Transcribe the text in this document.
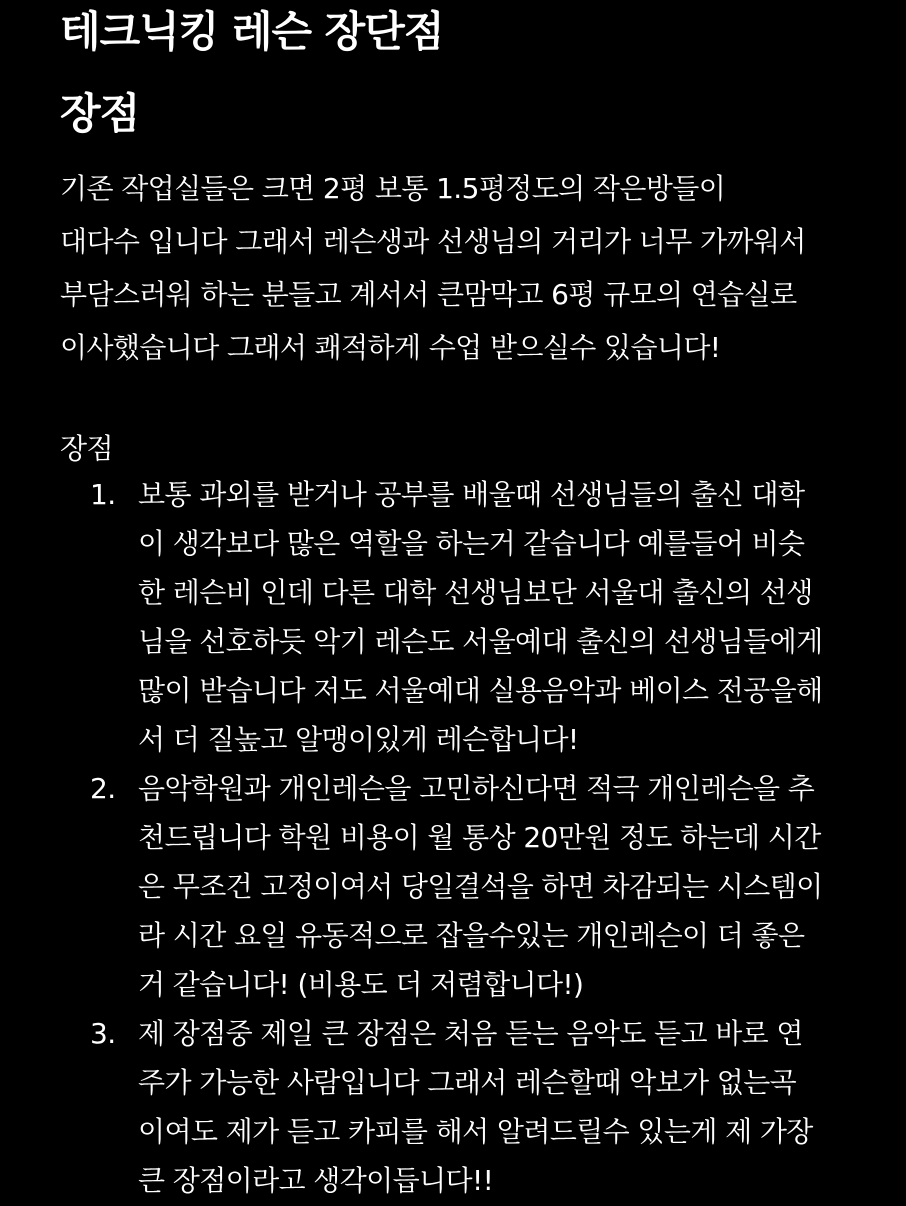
테크닉킹 레슨 장단점
장점

기존 작업실들은 크면 2평 보통 1.5평정도의 작은방들이
대다수 입니다 그래서 레슨생과 선생님의 거리가 너무 가까워서
부담스러워 하는 분들고 계서서 큰맘막고 6평 규모의 연습실로
이사했습니다 그래서 쾌적하게 수업 받으실수 있습니다!

장점

1. 보통 과외를 받거나 공부를 배울때 선생님들의 출신 대학
이 생각보다 많은 역할을 하는거 같습니다 예를들어 비슷
한 레슨비 인데 다른 대학 선생님보단 서울대 출신의 선생
님을 선호하듯 악기 레슨도 서울예대 출신의 선생님들에게
많이 받습니다 저도 서울예대 실용음악과 베이스 전공을해
서 더 질높고 알맹이있게 레슨합니다!
2. 음악학원과 개인레슨을 고민하신다면 적극 개인레슨을 추
천드립니다 학원 비용이 월 통상 20만원 정도 하는데 시간
은 무조건 고정이여서 당일결석을 하면 차감되는 시스템이
라 시간 요일 유동적으로 잡을수있는 개인레슨이 더 좋은
거 같습니다! (비용도 더 저렴합니다!)
3. 제 장점중 제일 큰 장점은 처음 듣는 음악도 듣고 바로 연
주가 가능한 사람입니다 그래서 레슨할때 악보가 없는곡
이여도 제가 듣고 카피를 해서 알려드릴수 있는게 제 가장
큰 장점이라고 생각이듭니다!!
